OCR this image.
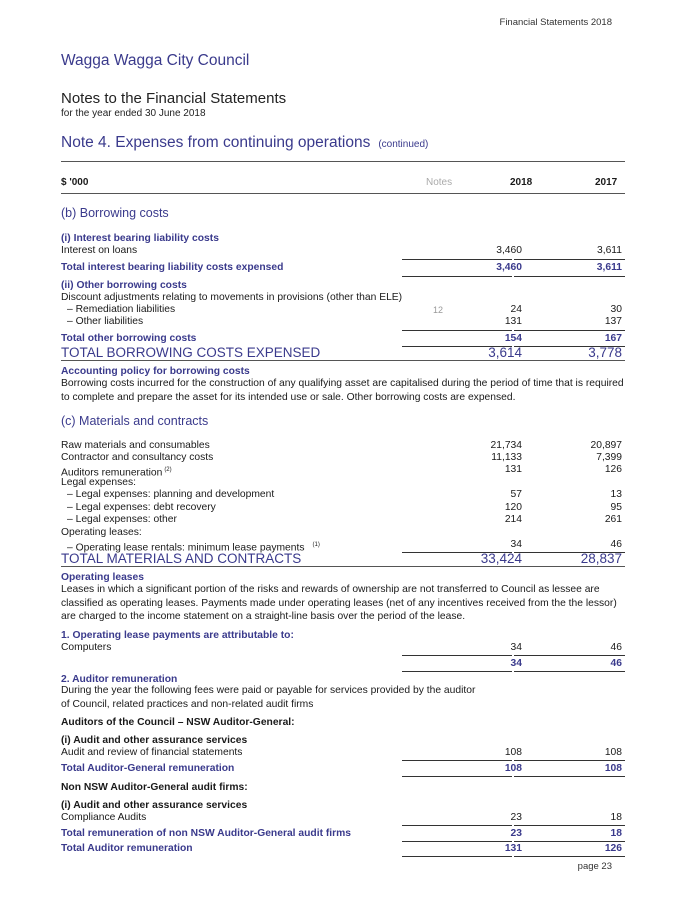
Financial Statements 2018
Wagga Wagga City Council
Notes to the Financial Statements
for the year ended 30 June 2018
Note 4. Expenses from continuing operations (continued)
$ '000	Notes	2018	2017
(b) Borrowing costs
(i) Interest bearing liability costs
Interest on loans	3,460	3,611
Total interest bearing liability costs expensed	3,460	3,611
(ii) Other borrowing costs
Discount adjustments relating to movements in provisions (other than ELE)
– Remediation liabilities	12	24	30
– Other liabilities	131	137
Total other borrowing costs	154	167
TOTAL BORROWING COSTS EXPENSED	3,614	3,778
Accounting policy for borrowing costs
Borrowing costs incurred for the construction of any qualifying asset are capitalised during the period of time that is required to complete and prepare the asset for its intended use or sale. Other borrowing costs are expensed.
(c) Materials and contracts
Raw materials and consumables	21,734	20,897
Contractor and consultancy costs	11,133	7,399
Auditors remuneration $^{(2)}$	131	126
Legal expenses:
– Legal expenses: planning and development	57	13
– Legal expenses: debt recovery	120	95
– Legal expenses: other	214	261
Operating leases:
– Operating lease rentals: minimum lease payments $^{(1)}$	34	46
TOTAL MATERIALS AND CONTRACTS	33,424	28,837
Operating leases
Leases in which a significant portion of the risks and rewards of ownership are not transferred to Council as lessee are classified as operating leases. Payments made under operating leases (net of any incentives received from the the lessor) are charged to the income statement on a straight-line basis over the period of the lease.
1. Operating lease payments are attributable to:
Computers	34	46
34	46
2. Auditor remuneration
During the year the following fees were paid or payable for services provided by the auditor of Council, related practices and non-related audit firms
Auditors of the Council – NSW Auditor-General:
(i) Audit and other assurance services
Audit and review of financial statements	108	108
Total Auditor-General remuneration	108	108
Non NSW Auditor-General audit firms:
(i) Audit and other assurance services
Compliance Audits	23	18
Total remuneration of non NSW Auditor-General audit firms	23	18
Total Auditor remuneration	131	126
page 23
